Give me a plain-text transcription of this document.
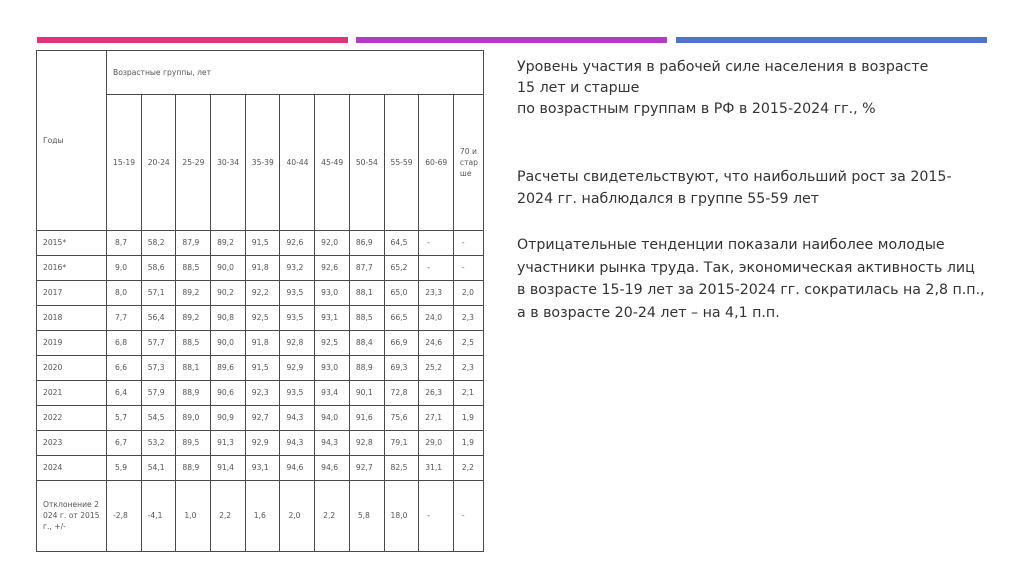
Годы	Возрастные группы, лет										
	15-19	20-24	25-29	30-34	35-39	40-44	45-49	50-54	55-59	60-69	70 и старше
2015*	8,7	58,2	87,9	89,2	91,5	92,6	92,0	86,9	64,5	-	-
2016*	9,0	58,6	88,5	90,0	91,8	93,2	92,6	87,7	65,2	-	-
2017	8,0	57,1	89,2	90,2	92,2	93,5	93,0	88,1	65,0	23,3	2,0
2018	7,7	56,4	89,2	90,8	92,5	93,5	93,1	88,5	66,5	24,0	2,3
2019	6,8	57,7	88,5	90,0	91,8	92,8	92,5	88,4	66,9	24,6	2,5
2020	6,6	57,3	88,1	89,6	91,5	92,9	93,0	88,9	69,3	25,2	2,3
2021	6,4	57,9	88,9	90,6	92,3	93,5	93,4	90,1	72,8	26,3	2,1
2022	5,7	54,5	89,0	90,9	92,7	94,3	94,0	91,6	75,6	27,1	1,9
2023	6,7	53,2	89,5	91,3	92,9	94,3	94,3	92,8	79,1	29,0	1,9
2024	5,9	54,1	88,9	91,4	93,1	94,6	94,6	92,7	82,5	31,1	2,2
Отклонение 2024 г. от 2015 г., +/-	-2,8	-4,1	1,0	2,2	1,6	2,0	2,2	5,8	18,0	-	-
Уровень участия в рабочей силе населения в возрасте
15 лет и старше
по возрастным группам в РФ в 2015-2024 гг., %
Расчеты свидетельствуют, что наибольший рост за 2015-2024 гг. наблюдался в группе 55-59 лет
Отрицательные тенденции показали наиболее молодые участники рынка труда. Так, экономическая активность лиц в возрасте 15-19 лет за 2015-2024 гг. сократилась на 2,8 п.п., а в возрасте 20-24 лет – на 4,1 п.п.
